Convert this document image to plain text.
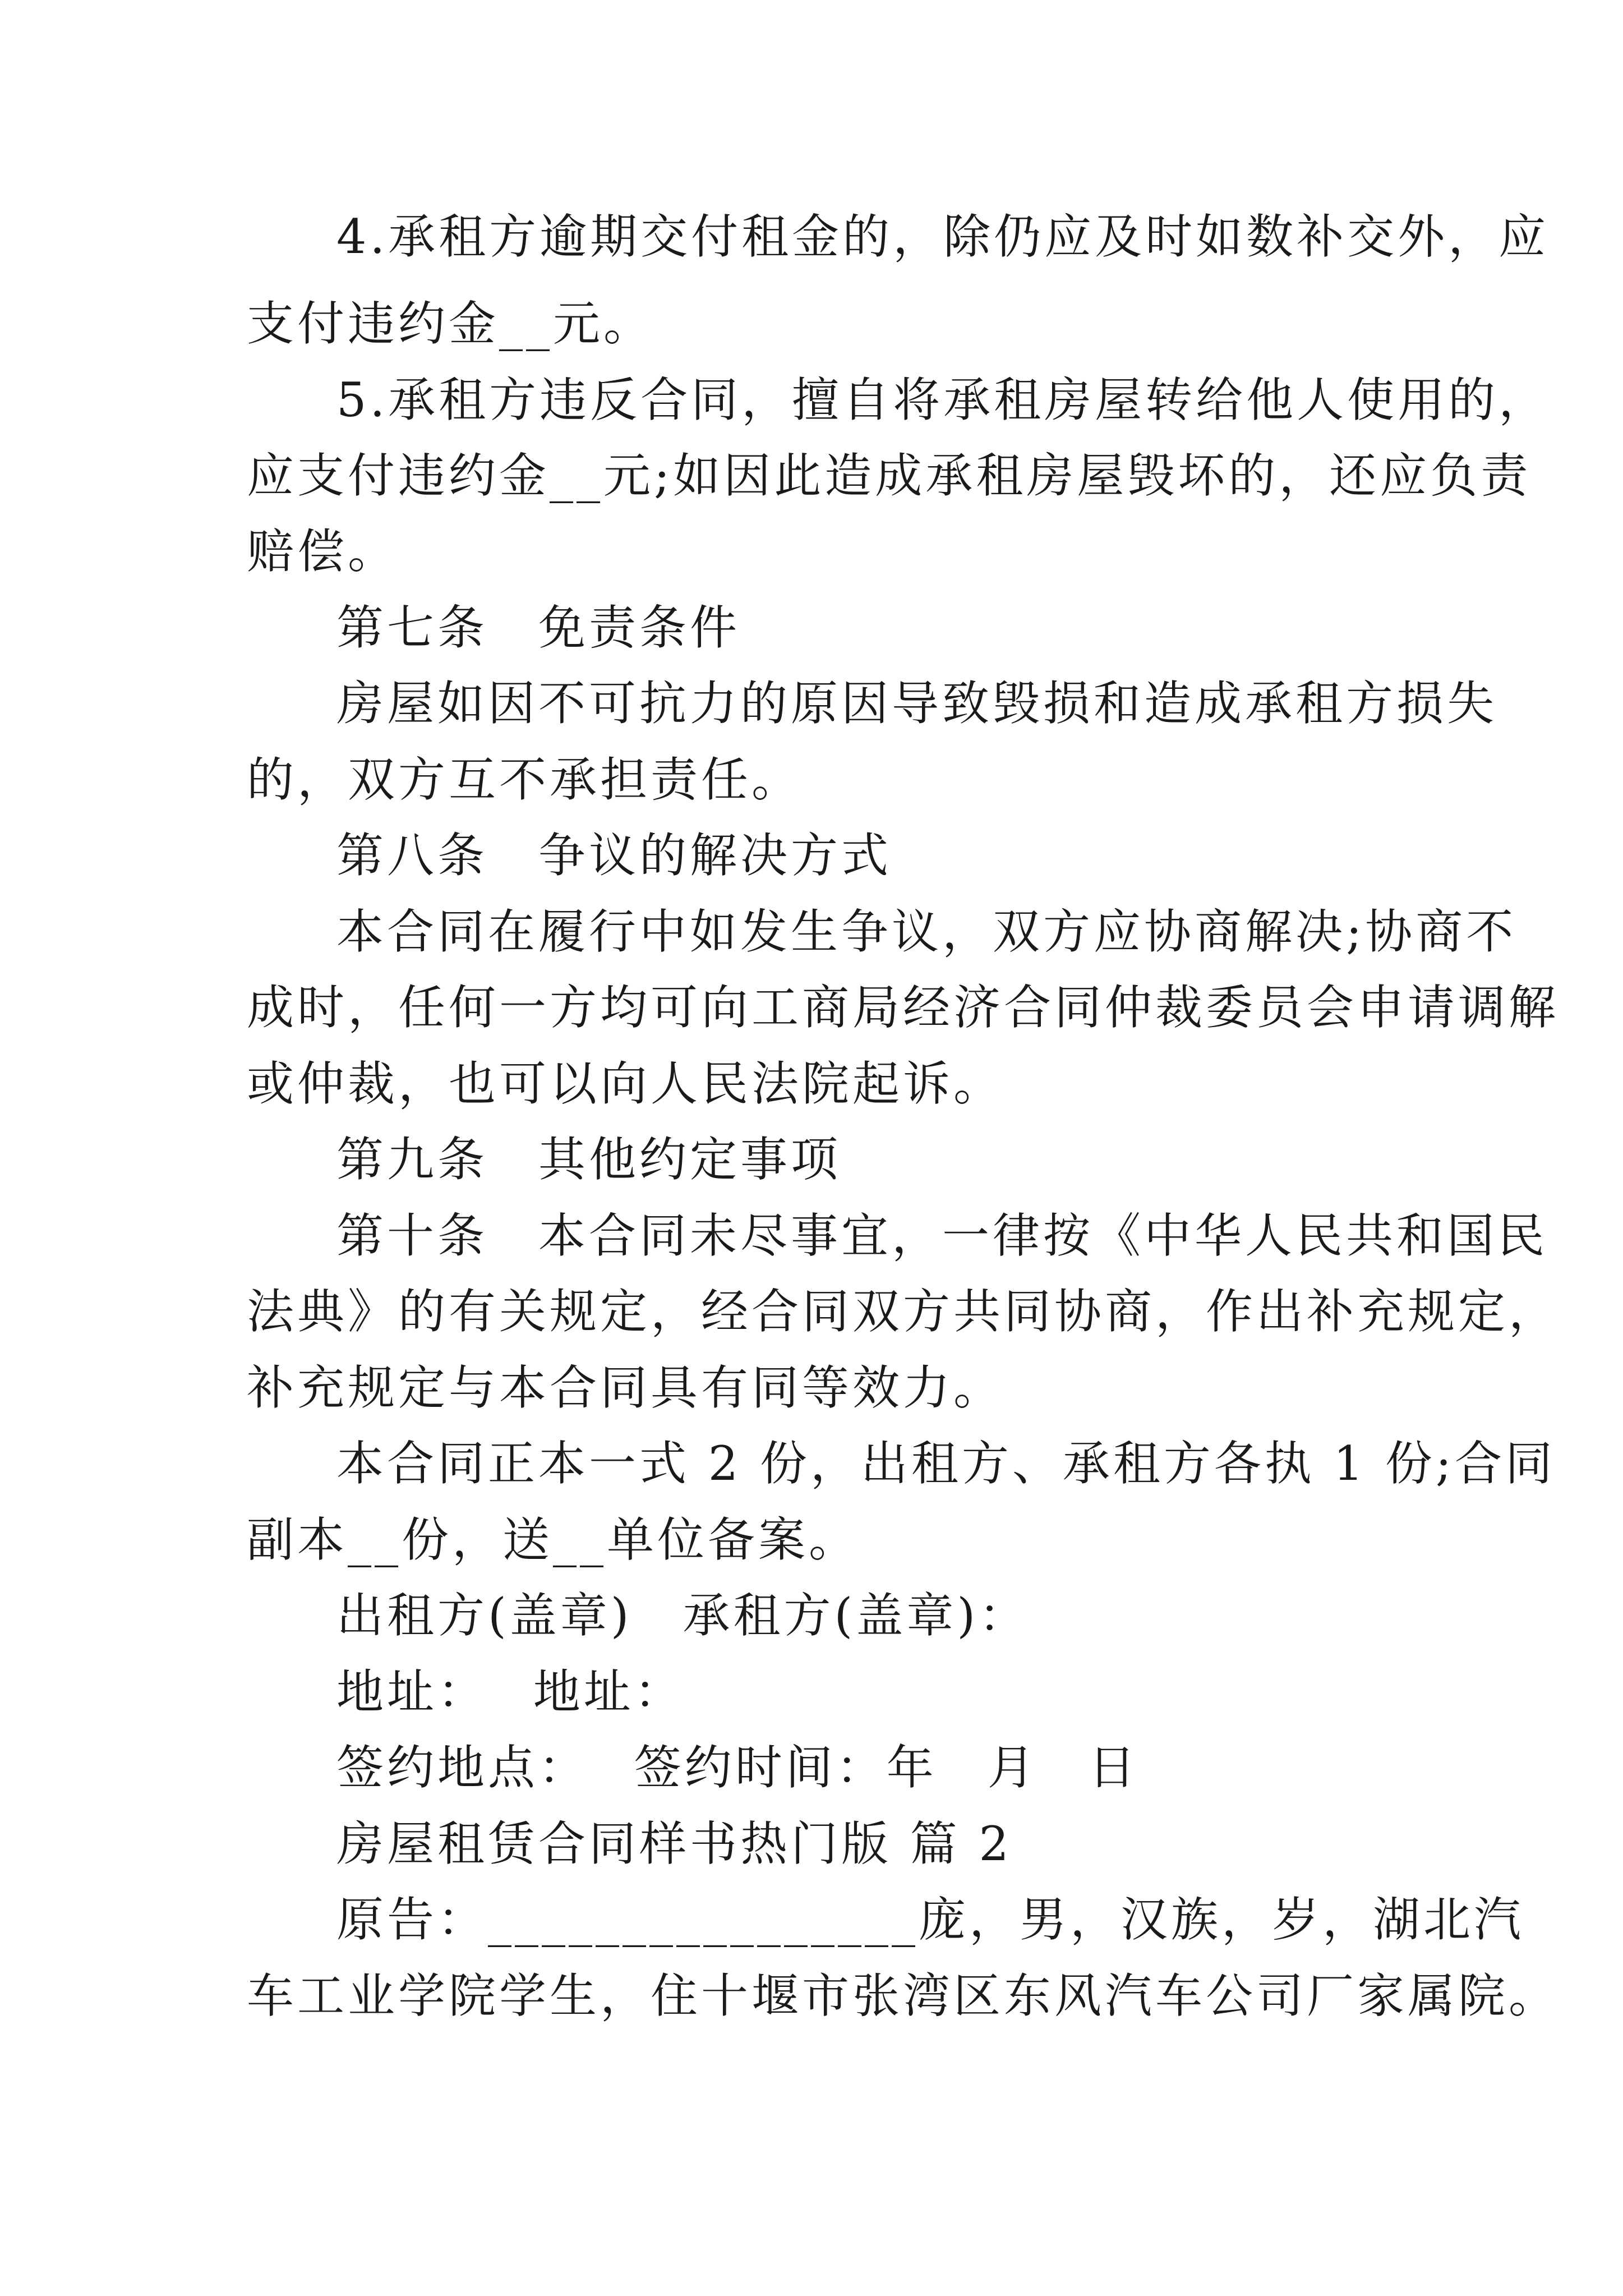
4.承租方逾期交付租金的，除仍应及时如数补交外，应
支付违约金__元。
5.承租方违反合同，擅自将承租房屋转给他人使用的，
应支付违约金__元;如因此造成承租房屋毁坏的，还应负责
赔偿。
第七条　免责条件
房屋如因不可抗力的原因导致毁损和造成承租方损失
的，双方互不承担责任。
第八条　争议的解决方式
本合同在履行中如发生争议，双方应协商解决;协商不
成时，任何一方均可向工商局经济合同仲裁委员会申请调解
或仲裁，也可以向人民法院起诉。
第九条　其他约定事项
第十条　本合同未尽事宜，一律按《中华人民共和国民
法典》的有关规定，经合同双方共同协商，作出补充规定，
补充规定与本合同具有同等效力。
本合同正本一式 2 份，出租方、承租方各执 1 份;合同
副本__份，送__单位备案。
出租方(盖章)　承租方(盖章)：
地址：　 地址：
签约地点：　 签约时间：年　月　日
房屋租赁合同样书热门版 篇 2
原告：________________庞，男，汉族，岁，湖北汽
车工业学院学生，住十堰市张湾区东风汽车公司厂家属院。
